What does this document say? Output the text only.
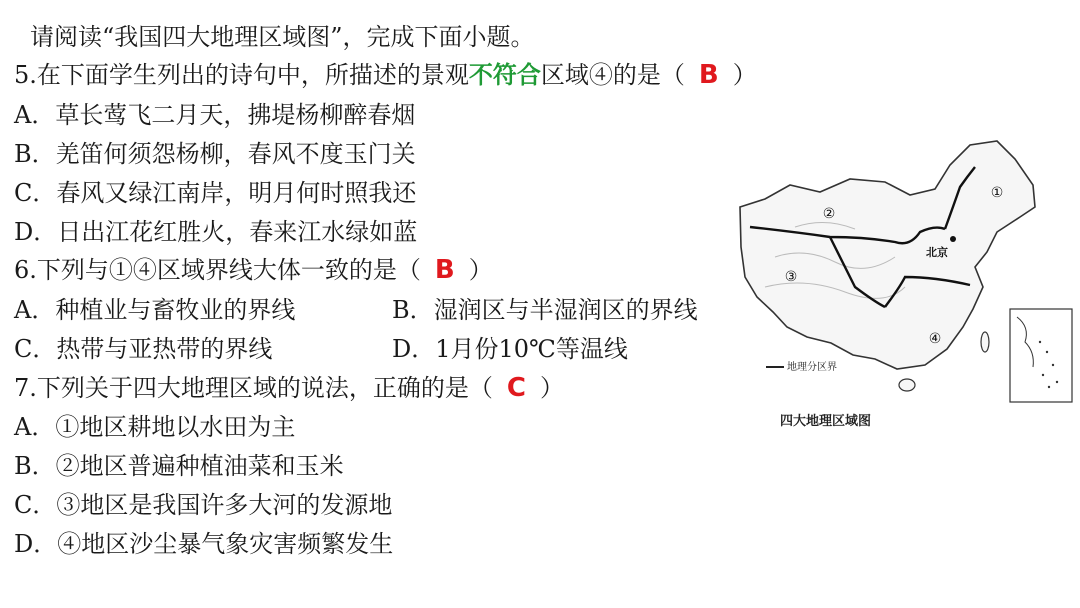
请阅读“我国四大地理区域图”，完成下面小题。
5.在下面学生列出的诗句中，所描述的景观不符合区域④的是（ B ）
A．草长莺飞二月天，拂堤杨柳醉春烟
B．羌笛何须怨杨柳，春风不度玉门关
C．春风又绿江南岸，明月何时照我还
D．日出江花红胜火，春来江水绿如蓝
6.下列与①④区域界线大体一致的是（ B ）
A．种植业与畜牧业的界线	B．湿润区与半湿润区的界线
C．热带与亚热带的界线	D．1月份10℃等温线
7.下列关于四大地理区域的说法，正确的是（ C ）
A．①地区耕地以水田为主
B．②地区普遍种植油菜和玉米
C．③地区是我国许多大河的发源地
D．④地区沙尘暴气象灾害频繁发生
①
②
③
④
北京
地理分区界
四大地理区域图
